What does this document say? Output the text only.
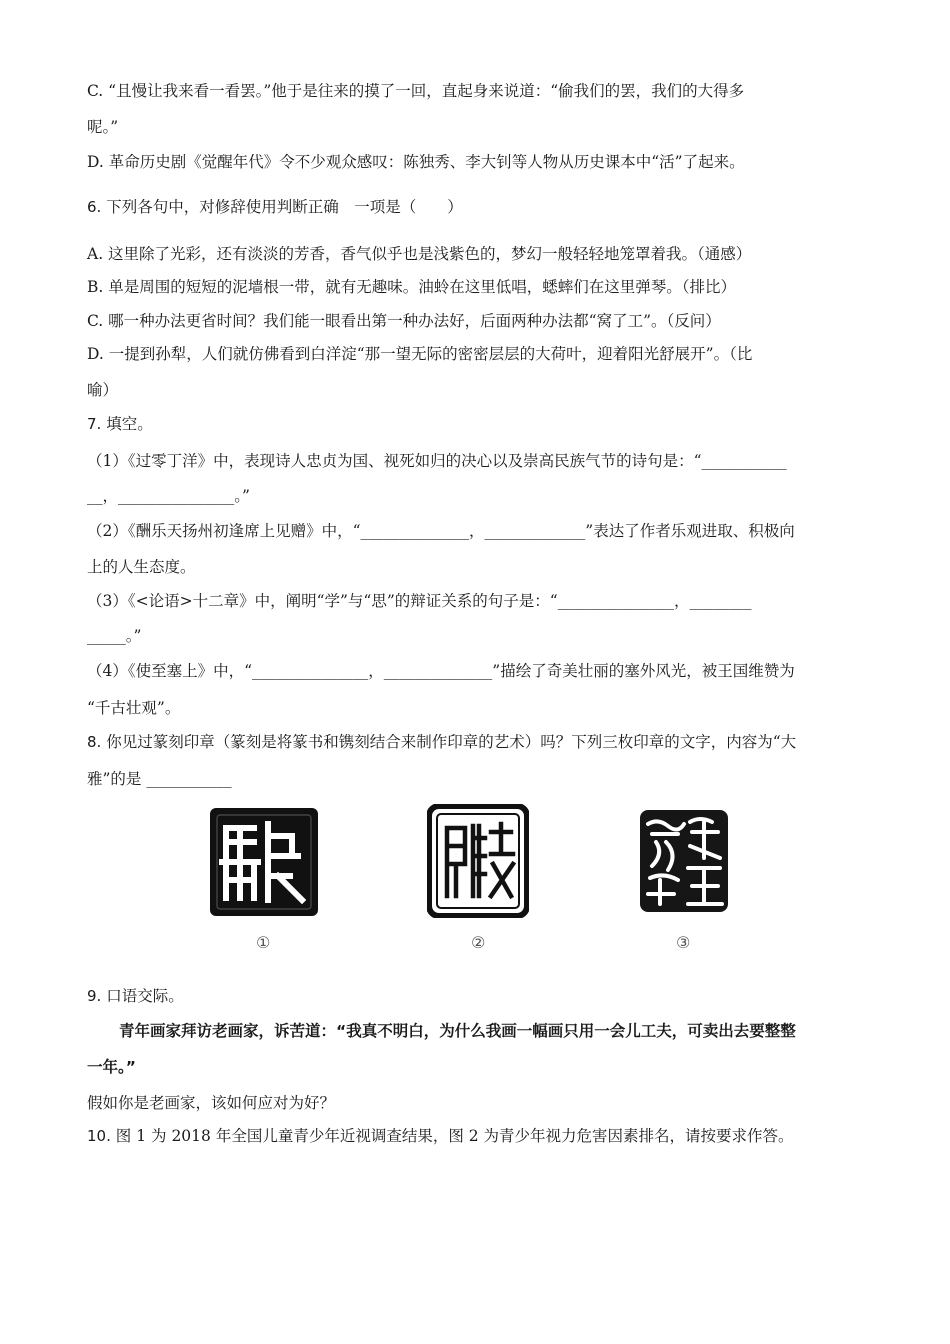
C. “且慢让我来看一看罢。”他于是往来的摸了一回，直起身来说道：“偷我们的罢，我们的大得多
呢。”
D. 革命历史剧《觉醒年代》令不少观众感叹：陈独秀、李大钊等人物从历史课本中“活”了起来。
6. 下列各句中，对修辞使用判断正确　一项是（　　）
A. 这里除了光彩，还有淡淡的芳香，香气似乎也是浅紫色的，梦幻一般轻轻地笼罩着我。（通感）
B. 单是周围的短短的泥墙根一带，就有无趣味。油蛉在这里低唱，蟋蟀们在这里弹琴。（排比）
C. 哪一种办法更省时间？我们能一眼看出第一种办法好，后面两种办法都“窝了工”。（反问）
D. 一提到孙犁，人们就仿佛看到白洋淀“那一望无际的密密层层的大荷叶，迎着阳光舒展开”。（比
喻）
7. 填空。
（1）《过零丁洋》中，表现诗人忠贞为国、视死如归的决心以及崇高民族气节的诗句是：“___________
__，_______________。”
（2）《酬乐天扬州初逢席上见赠》中，“______________，_____________”表达了作者乐观进取、积极向
上的人生态度。
（3）《<论语>十二章》中，阐明“学”与“思”的辩证关系的句子是：“_______________，________
_____。”
（4）《使至塞上》中，“_______________，______________”描绘了奇美壮丽的塞外风光，被王国维赞为
“千古壮观”。
8. 你见过篆刻印章（篆刻是将篆书和镌刻结合来制作印章的艺术）吗？下列三枚印章的文字，内容为“大
雅”的是 ___________
①	②	③
9. 口语交际。
青年画家拜访老画家，诉苦道：“我真不明白，为什么我画一幅画只用一会儿工夫，可卖出去要整整
一年。”
假如你是老画家，该如何应对为好？
10. 图 1 为 2018 年全国儿童青少年近视调查结果，图 2 为青少年视力危害因素排名，请按要求作答。
